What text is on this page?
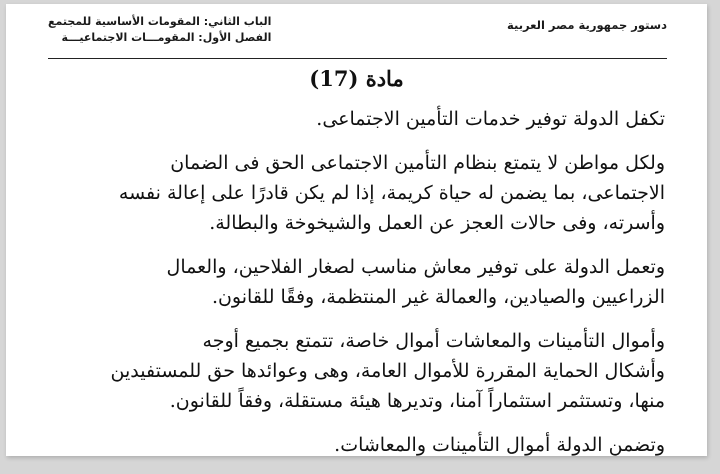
دستور جمهورية مصر العربية
الباب الثاني: المقومات الأساسية للمجتمع
الفصل الأول: المقومـــات الاجتماعيـــة
مادة (17)

تكفل الدولة توفير خدمات التأمين الاجتماعى.

ولكل مواطن لا يتمتع بنظام التأمين الاجتماعى الحق فى الضمان
الاجتماعى، بما يضمن له حياة كريمة، إذا لم يكن قادرًا على إعالة نفسه
وأسرته، وفى حالات العجز عن العمل والشيخوخة والبطالة.

وتعمل الدولة على توفير معاش مناسب لصغار الفلاحين، والعمال
الزراعيين والصيادين، والعمالة غير المنتظمة، وفقًا للقانون.

وأموال التأمينات والمعاشات أموال خاصة، تتمتع بجميع أوجه
وأشكال الحماية المقررة للأموال العامة، وهى وعوائدها حق للمستفيدين
منها، وتستثمر استثماراً آمنا، وتديرها هيئة مستقلة، وفقاً للقانون.

وتضمن الدولة أموال التأمينات والمعاشات.
